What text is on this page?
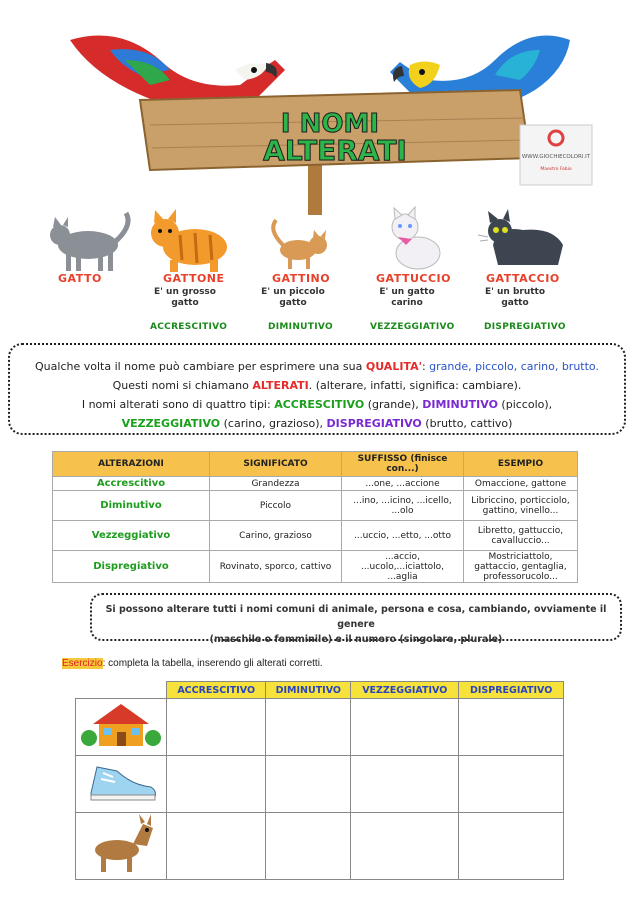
I NOMI
ALTERATI	WWW.GIOCHIECOLORI.IT
Maestro Fabio
GATTO	GATTONE
E' un grosso gatto
GATTINO
E' un piccolo gatto
GATTUCCIO
E' un gatto carino
GATTACCIO
E' un brutto gatto
ACCRESCITIVO	DIMINUTIVO	VEZZEGGIATIVO	DISPREGIATIVO
Qualche volta il nome può cambiare per esprimere una sua QUALITA': grande, piccolo, carino, brutto.
Questi nomi si chiamano ALTERATI. (alterare, infatti, significa: cambiare).
I nomi alterati sono di quattro tipi: ACCRESCITIVO (grande), DIMINUTIVO (piccolo),
VEZZEGGIATIVO (carino, grazioso), DISPREGIATIVO (brutto, cattivo)
ALTERAZIONI	SIGNIFICATO	SUFFISSO (finisce con...)	ESEMPIO
Accrescitivo	Grandezza	...one, ...accione	Omaccione, gattone
Diminutivo	Piccolo	...ino, ...icino, ...icello, ...olo	Libriccino, porticciolo, gattino, vinello...
Vezzeggiativo	Carino, grazioso	...uccio, ...etto, ...otto	Libretto, gattuccio, cavalluccio...
Dispregiativo	Rovinato, sporco, cattivo	...accio, ...ucolo,...iciattolo, ...aglia	Mostriciattolo, gattaccio, gentaglia, professorucolo...
Si possono alterare tutti i nomi comuni di animale, persona e cosa, cambiando, ovviamente il genere
(maschile o femminile) e il numero (singolare, plurale)
Esercizio: completa la tabella, inserendo gli alterati corretti.
	ACCRESCITIVO	DIMINUTIVO	VEZZEGGIATIVO	DISPREGIATIVO
